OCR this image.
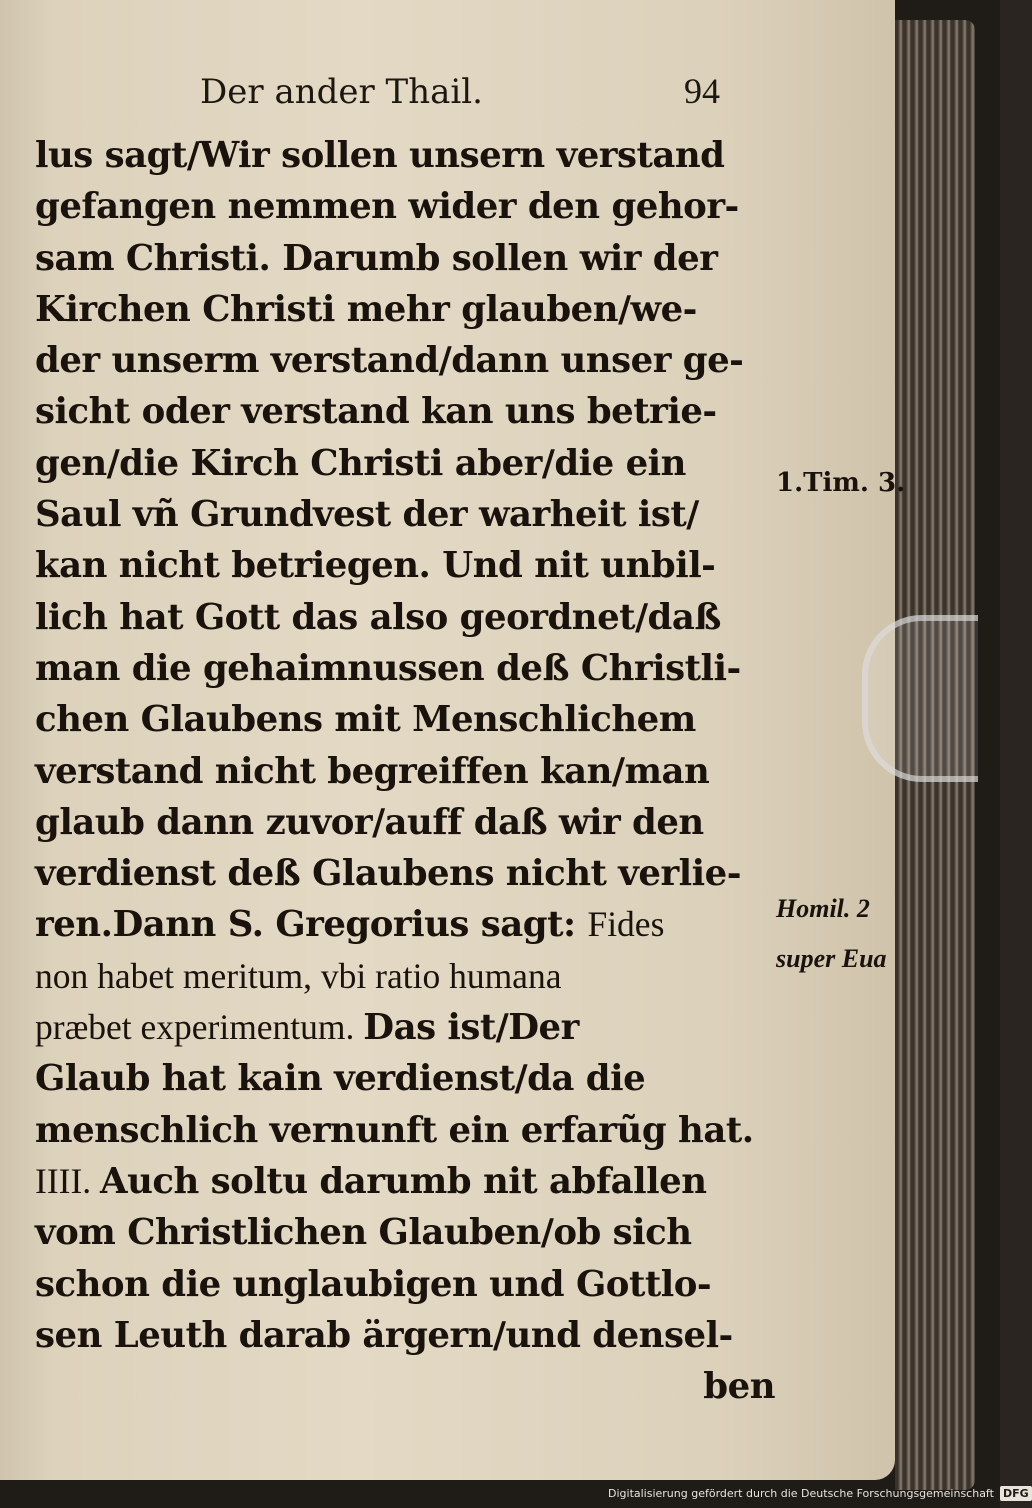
Der ander Thail.	94
lus sagt/Wir sollen unsern verstand
gefangen nemmen wider den gehor-
sam Christi. Darumb sollen wir der
Kirchen Christi mehr glauben/we-
der unserm verstand/dann unser ge-
sicht oder verstand kan uns betrie-
gen/die Kirch Christi aber/die ein
Saul vñ Grundvest der warheit ist/
kan nicht betriegen. Und nit unbil-
lich hat Gott das also geordnet/daß
man die gehaimnussen deß Christli-
chen Glaubens mit Menschlichem
verstand nicht begreiffen kan/man
glaub dann zuvor/auff daß wir den
verdienst deß Glaubens nicht verlie-
ren.Dann S. Gregorius sagt: Fides
non habet meritum, vbi ratio humana
præbet experimentum. Das ist/Der
Glaub hat kain verdienst/da die
menschlich vernunft ein erfarũg hat.
IIII. Auch soltu darumb nit abfallen
vom Christlichen Glauben/ob sich
schon die unglaubigen und Gottlo-
sen Leuth darab ärgern/und densel-
ben
1.Tim. 3.
Homil. 2
super Eua
Digitalisierung gefördert durch die Deutsche Forschungsgemeinschaft DFG
